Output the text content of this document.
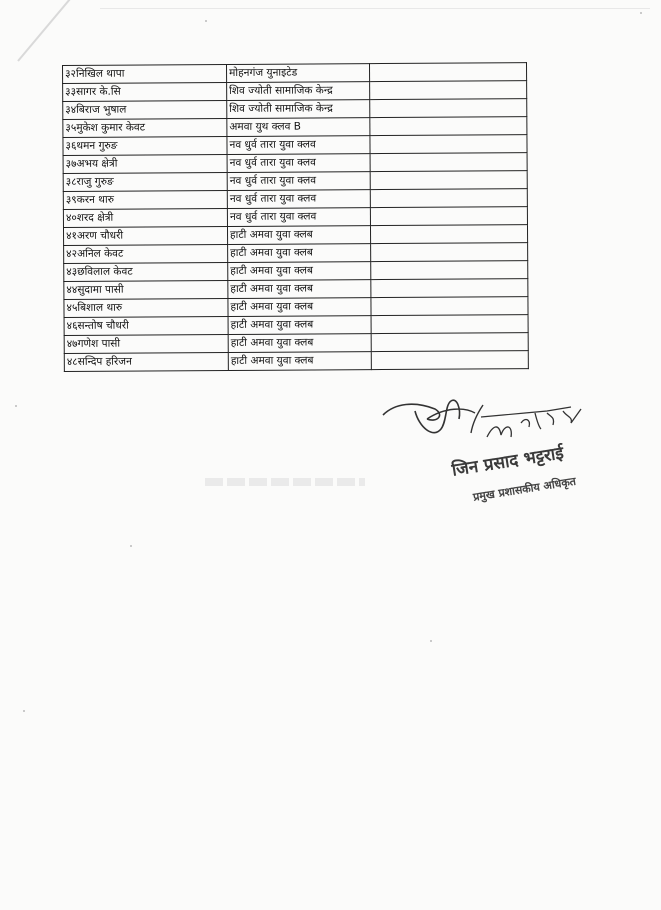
३२निखिल थापा	मोहनगंज युनाइटेड	
३३सागर के.सि	शिव ज्योती सामाजिक केन्द्र	
३४बिराज भुषाल	शिव ज्योती सामाजिक केन्द्र	
३५मुकेश कुमार केवट	अमवा युथ क्लव B	
३६थमन गुरुङ	नव धुर्व तारा युवा क्लव	
३७अभय क्षेत्री	नव धुर्व तारा युवा क्लव	
३८राजु गुरुङ	नव धुर्व तारा युवा क्लव	
३९करन थारु	नव धुर्व तारा युवा क्लव	
४०शरद क्षेत्री	नव धुर्व तारा युवा क्लव	
४१अरण चौधरी	हाटी अमवा युवा क्लब	
४२अनिल केवट	हाटी अमवा युवा क्लब	
४३छविलाल केवट	हाटी अमवा युवा क्लब	
४४सुदामा पासी	हाटी अमवा युवा क्लब	
४५बिशाल थारु	हाटी अमवा युवा क्लब	
४६सन्तोष चौधरी	हाटी अमवा युवा क्लब	
४७गणेश पासी	हाटी अमवा युवा क्लब	
४८सन्दिप हरिजन	हाटी अमवा युवा क्लब	
जिन प्रसाद भट्टराई
प्रमुख प्रशासकीय अधिकृत
